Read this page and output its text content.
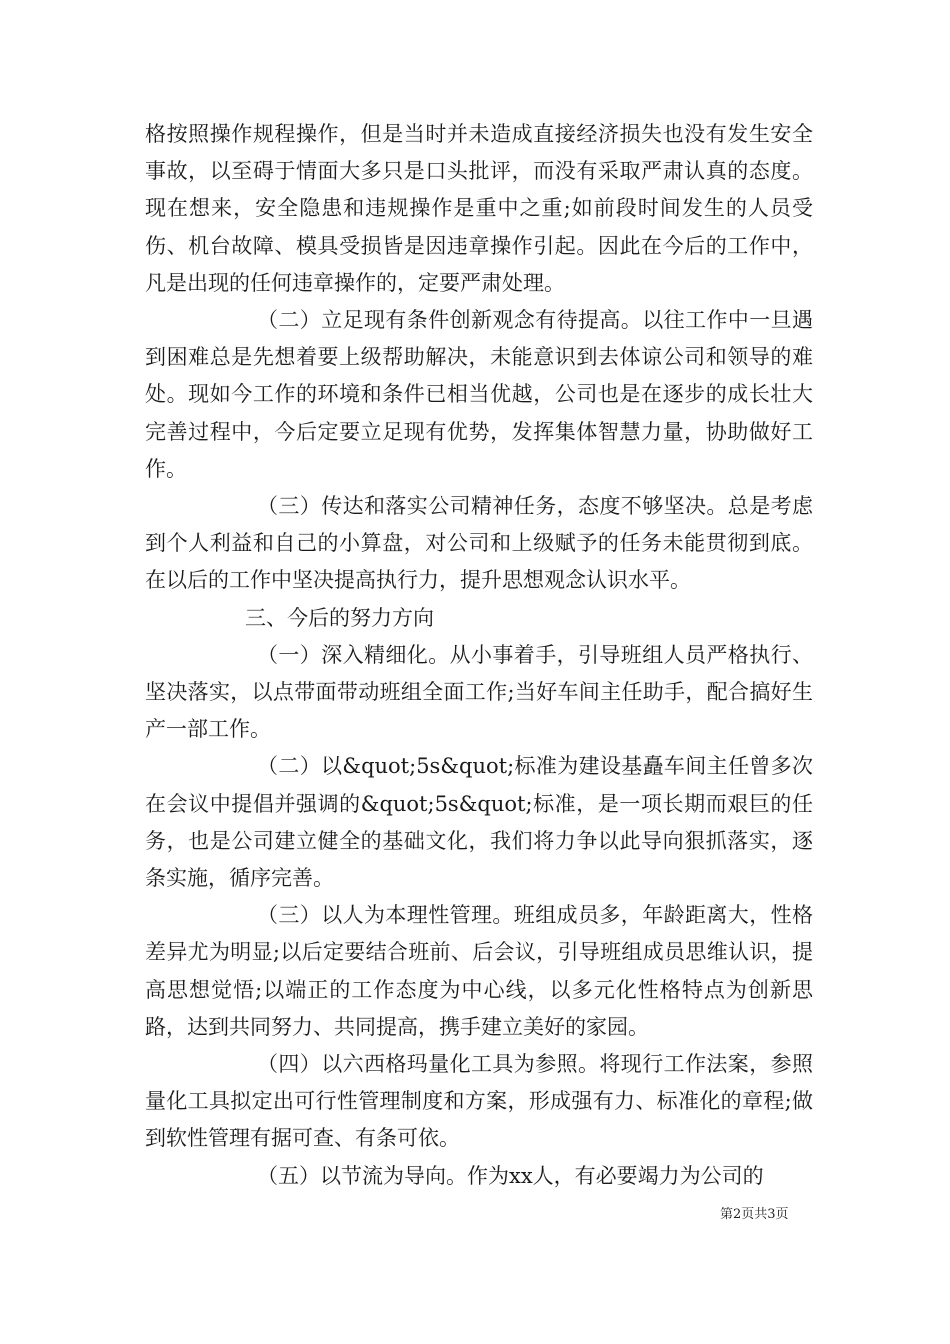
格按照操作规程操作，但是当时并未造成直接经济损失也没有发生安全事故，以至碍于情面大多只是口头批评，而没有采取严肃认真的态度。现在想来，安全隐患和违规操作是重中之重;如前段时间发生的人员受伤、机台故障、模具受损皆是因违章操作引起。因此在今后的工作中，凡是出现的任何违章操作的，定要严肃处理。

（二）立足现有条件创新观念有待提高。以往工作中一旦遇到困难总是先想着要上级帮助解决，未能意识到去体谅公司和领导的难处。现如今工作的环境和条件已相当优越，公司也是在逐步的成长壮大完善过程中，今后定要立足现有优势，发挥集体智慧力量，协助做好工作。

（三）传达和落实公司精神任务，态度不够坚决。总是考虑到个人利益和自己的小算盘，对公司和上级赋予的任务未能贯彻到底。在以后的工作中坚决提高执行力，提升思想观念认识水平。

三、今后的努力方向

（一）深入精细化。从小事着手，引导班组人员严格执行、坚决落实，以点带面带动班组全面工作;当好车间主任助手，配合搞好生产一部工作。

（二）以&quot;5s&quot;标准为建设基矗车间主任曾多次在会议中提倡并强调的&quot;5s&quot;标准，是一项长期而艰巨的任务，也是公司建立健全的基础文化，我们将力争以此导向狠抓落实，逐条实施，循序完善。

（三）以人为本理性管理。班组成员多，年龄距离大，性格差异尤为明显;以后定要结合班前、后会议，引导班组成员思维认识，提高思想觉悟;以端正的工作态度为中心线，以多元化性格特点为创新思路，达到共同努力、共同提高，携手建立美好的家园。

（四）以六西格玛量化工具为参照。将现行工作法案，参照量化工具拟定出可行性管理制度和方案，形成强有力、标准化的章程;做到软性管理有据可查、有条可依。

（五）以节流为导向。作为xx人，有必要竭力为公司的

第2页共3页
